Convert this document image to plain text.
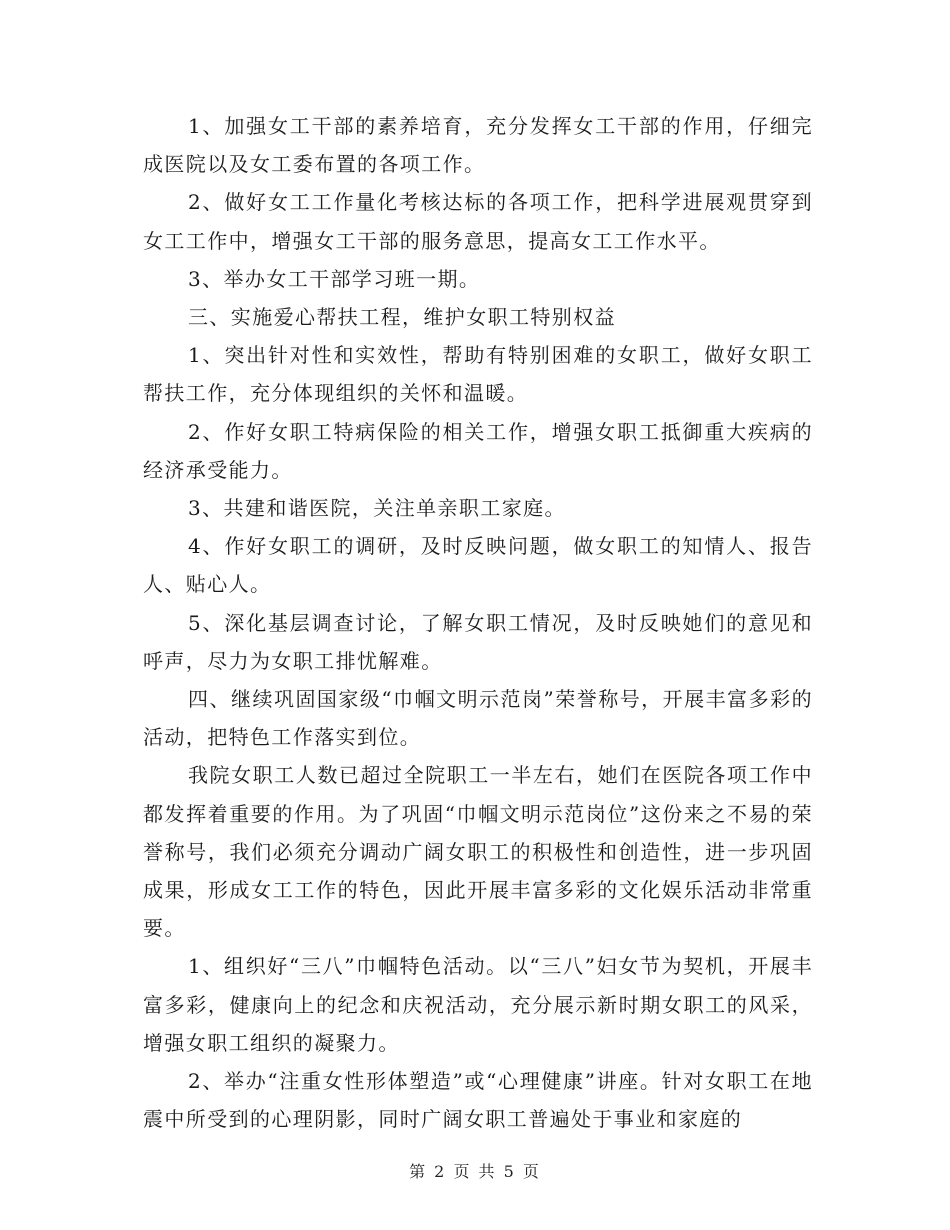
1、加强女工干部的素养培育，充分发挥女工干部的作用，仔细完成医院以及女工委布置的各项工作。

2、做好女工工作量化考核达标的各项工作，把科学进展观贯穿到女工工作中，增强女工干部的服务意思，提高女工工作水平。

3、举办女工干部学习班一期。

三、实施爱心帮扶工程，维护女职工特别权益

1、突出针对性和实效性，帮助有特别困难的女职工，做好女职工帮扶工作，充分体现组织的关怀和温暖。

2、作好女职工特病保险的相关工作，增强女职工抵御重大疾病的经济承受能力。

3、共建和谐医院，关注单亲职工家庭。

4、作好女职工的调研，及时反映问题，做女职工的知情人、报告人、贴心人。

5、深化基层调查讨论，了解女职工情况，及时反映她们的意见和呼声，尽力为女职工排忧解难。

四、继续巩固国家级“巾帼文明示范岗”荣誉称号，开展丰富多彩的活动，把特色工作落实到位。

我院女职工人数已超过全院职工一半左右，她们在医院各项工作中都发挥着重要的作用。为了巩固“巾帼文明示范岗位”这份来之不易的荣誉称号，我们必须充分调动广阔女职工的积极性和创造性，进一步巩固成果，形成女工工作的特色，因此开展丰富多彩的文化娱乐活动非常重要。

1、组织好“三八”巾帼特色活动。以“三八”妇女节为契机，开展丰富多彩，健康向上的纪念和庆祝活动，充分展示新时期女职工的风采，增强女职工组织的凝聚力。

2、举办“注重女性形体塑造”或“心理健康”讲座。针对女职工在地震中所受到的心理阴影，同时广阔女职工普遍处于事业和家庭的

第 2 页 共 5 页
